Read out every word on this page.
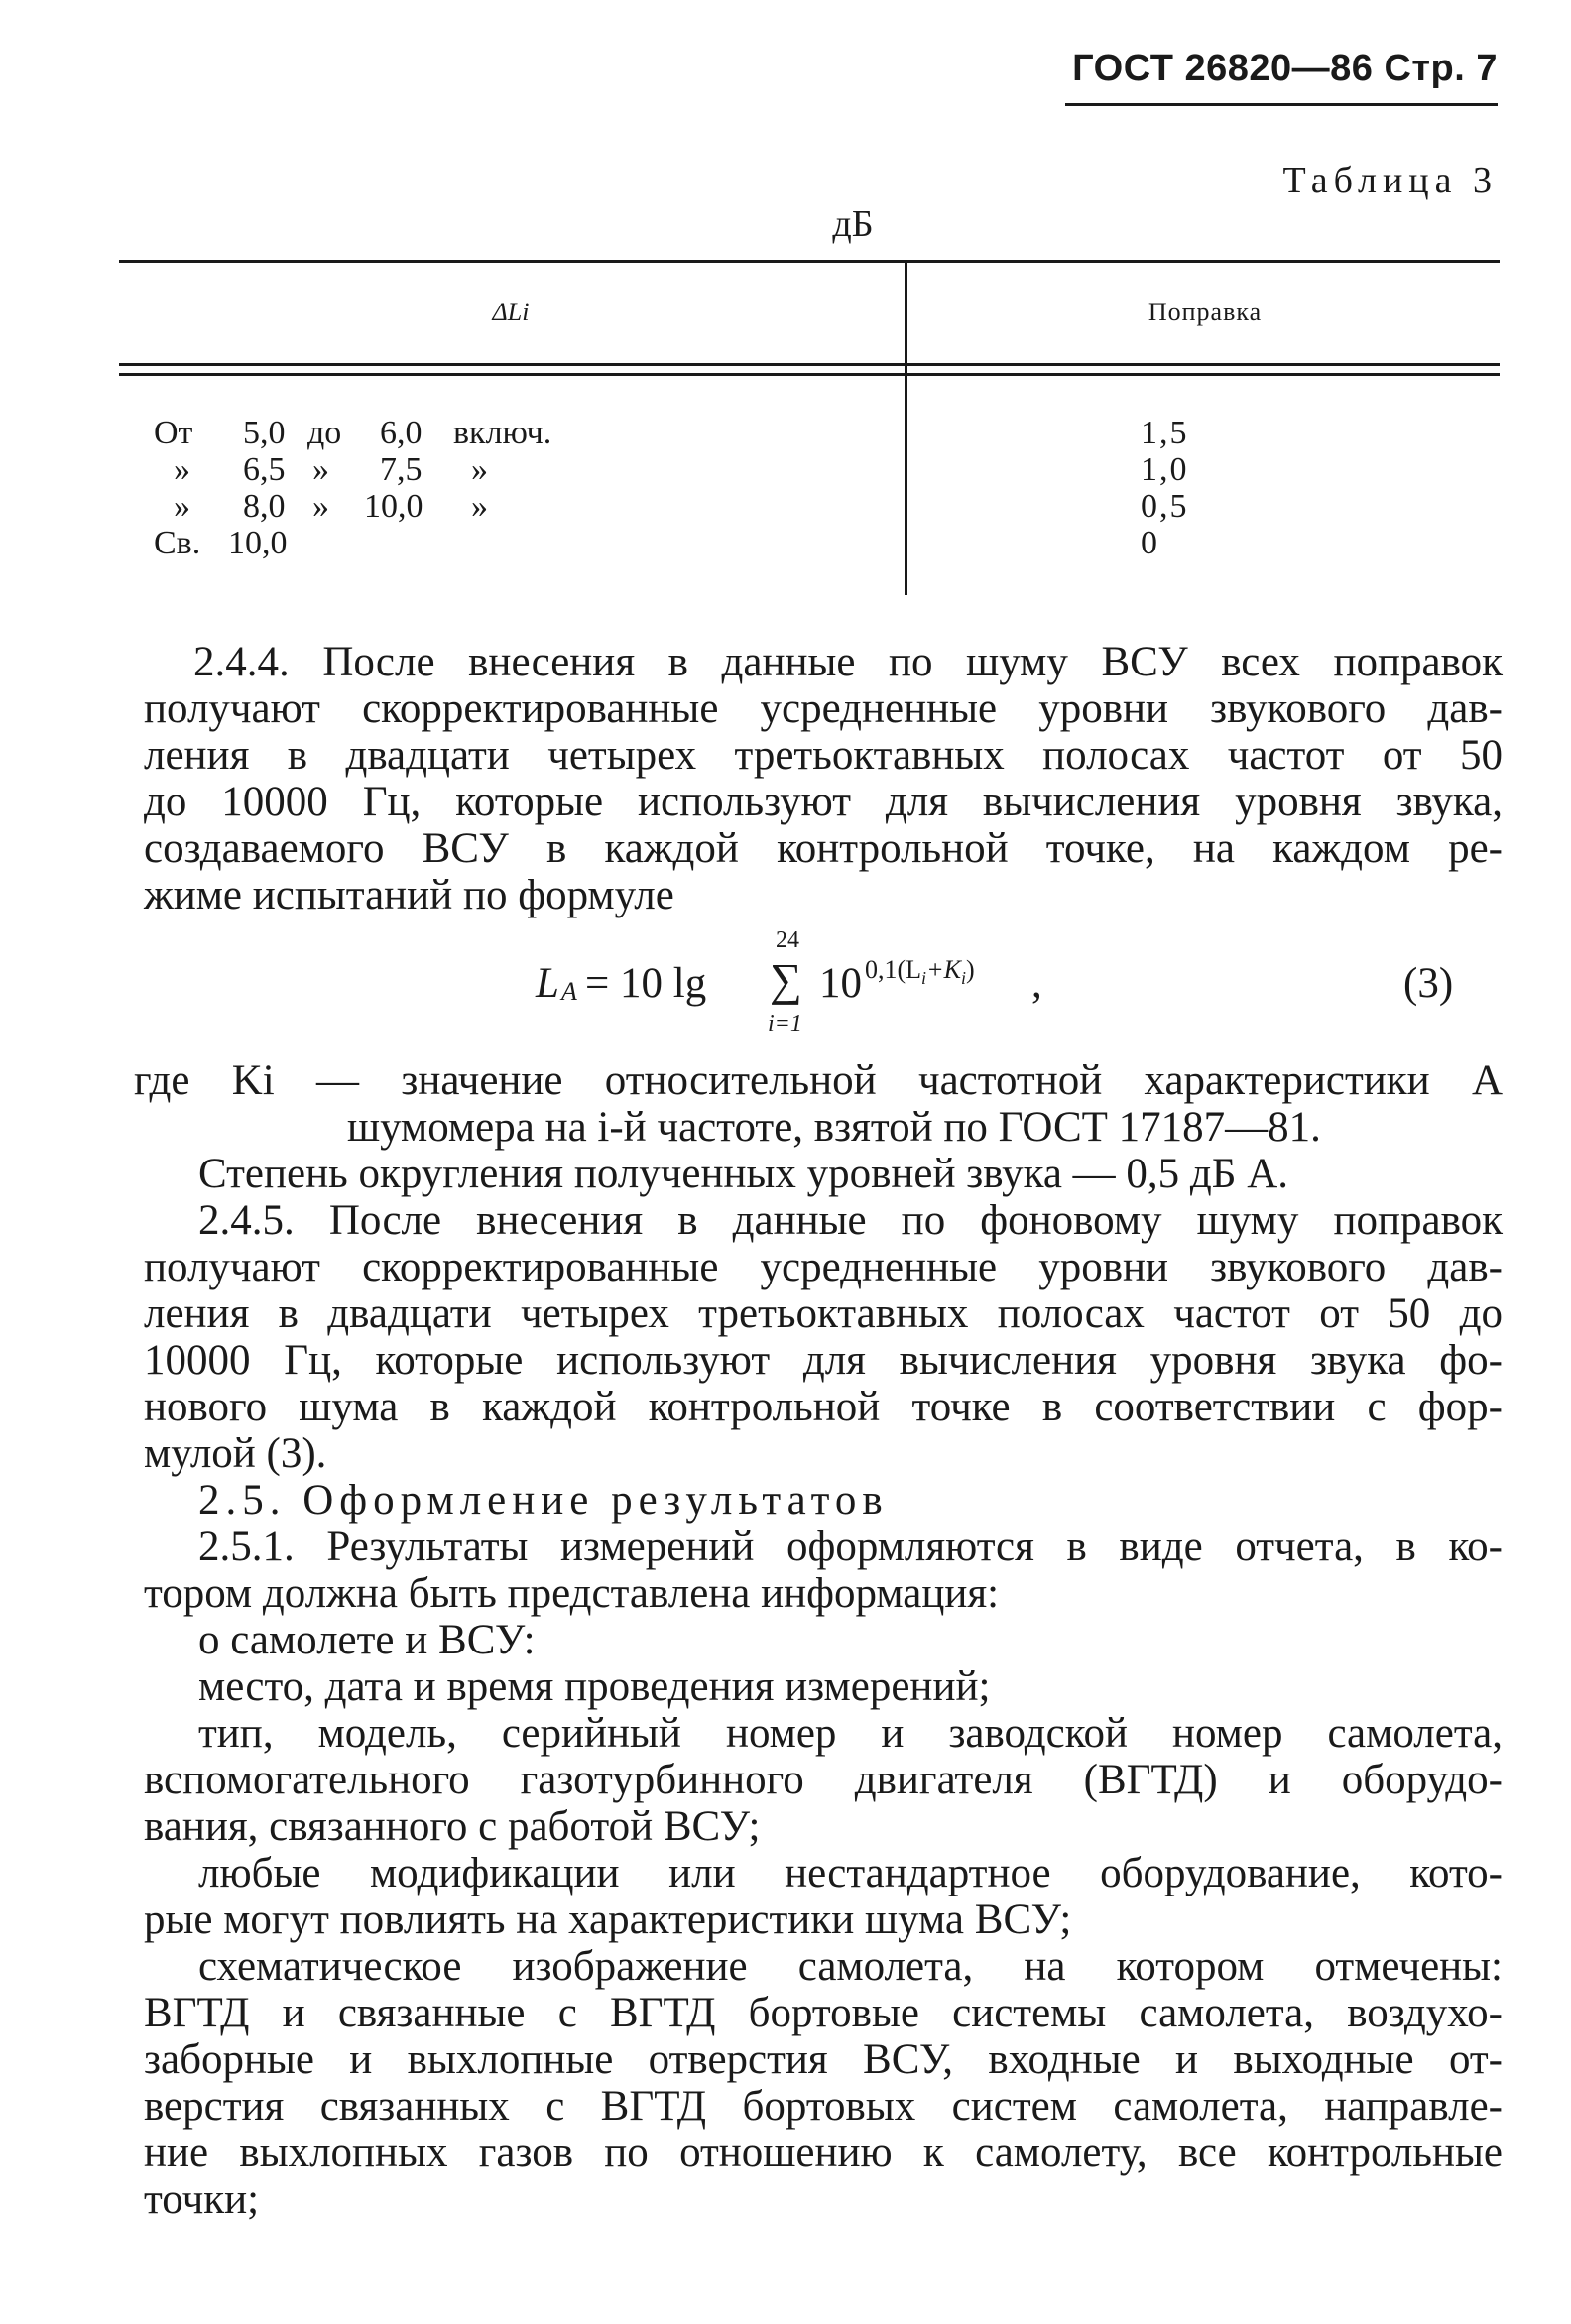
ГОСТ 26820—86 Стр. 7
Таблица 3
дБ
ΔLi	Поправка
От 5,0 до 6,0 включ.
» 6,5 » 7,5 »
» 8,0 » 10,0 »
Св. 10,0
1,5
1,0
0,5
0
2.4.4. После внесения в данные по шуму ВСУ всех поправок
получают скорректированные усредненные уровни звукового дав-
ления в двадцати четырех третьоктавных полосах частот от 50
до 10000 Гц, которые используют для вычисления уровня звука,
создаваемого ВСУ в каждой контрольной точке, на каждом ре-
жиме испытаний по формуле
L A = 10 lg
24
∑
i=1
10 $0,1(L_i+K_i)$ ,	(3)
где Ki — значение относительной частотной характеристики A
шумомера на i-й частоте, взятой по ГОСТ 17187—81.
Степень округления полученных уровней звука — 0,5 дБ A.
2.4.5. После внесения в данные по фоновому шуму поправок
получают скорректированные усредненные уровни звукового дав-
ления в двадцати четырех третьоктавных полосах частот от 50 до
10000 Гц, которые используют для вычисления уровня звука фо-
нового шума в каждой контрольной точке в соответствии с фор-
мулой (3).
2.5. Оформление результатов
2.5.1. Результаты измерений оформляются в виде отчета, в ко-
тором должна быть представлена информация:
о самолете и ВСУ:
место, дата и время проведения измерений;
тип, модель, серийный номер и заводской номер самолета,
вспомогательного газотурбинного двигателя (ВГТД) и оборудо-
вания, связанного с работой ВСУ;
любые модификации или нестандартное оборудование, кото-
рые могут повлиять на характеристики шума ВСУ;
схематическое изображение самолета, на котором отмечены:
ВГТД и связанные с ВГТД бортовые системы самолета, воздухо-
заборные и выхлопные отверстия ВСУ, входные и выходные от-
верстия связанных с ВГТД бортовых систем самолета, направле-
ние выхлопных газов по отношению к самолету, все контрольные
точки;
